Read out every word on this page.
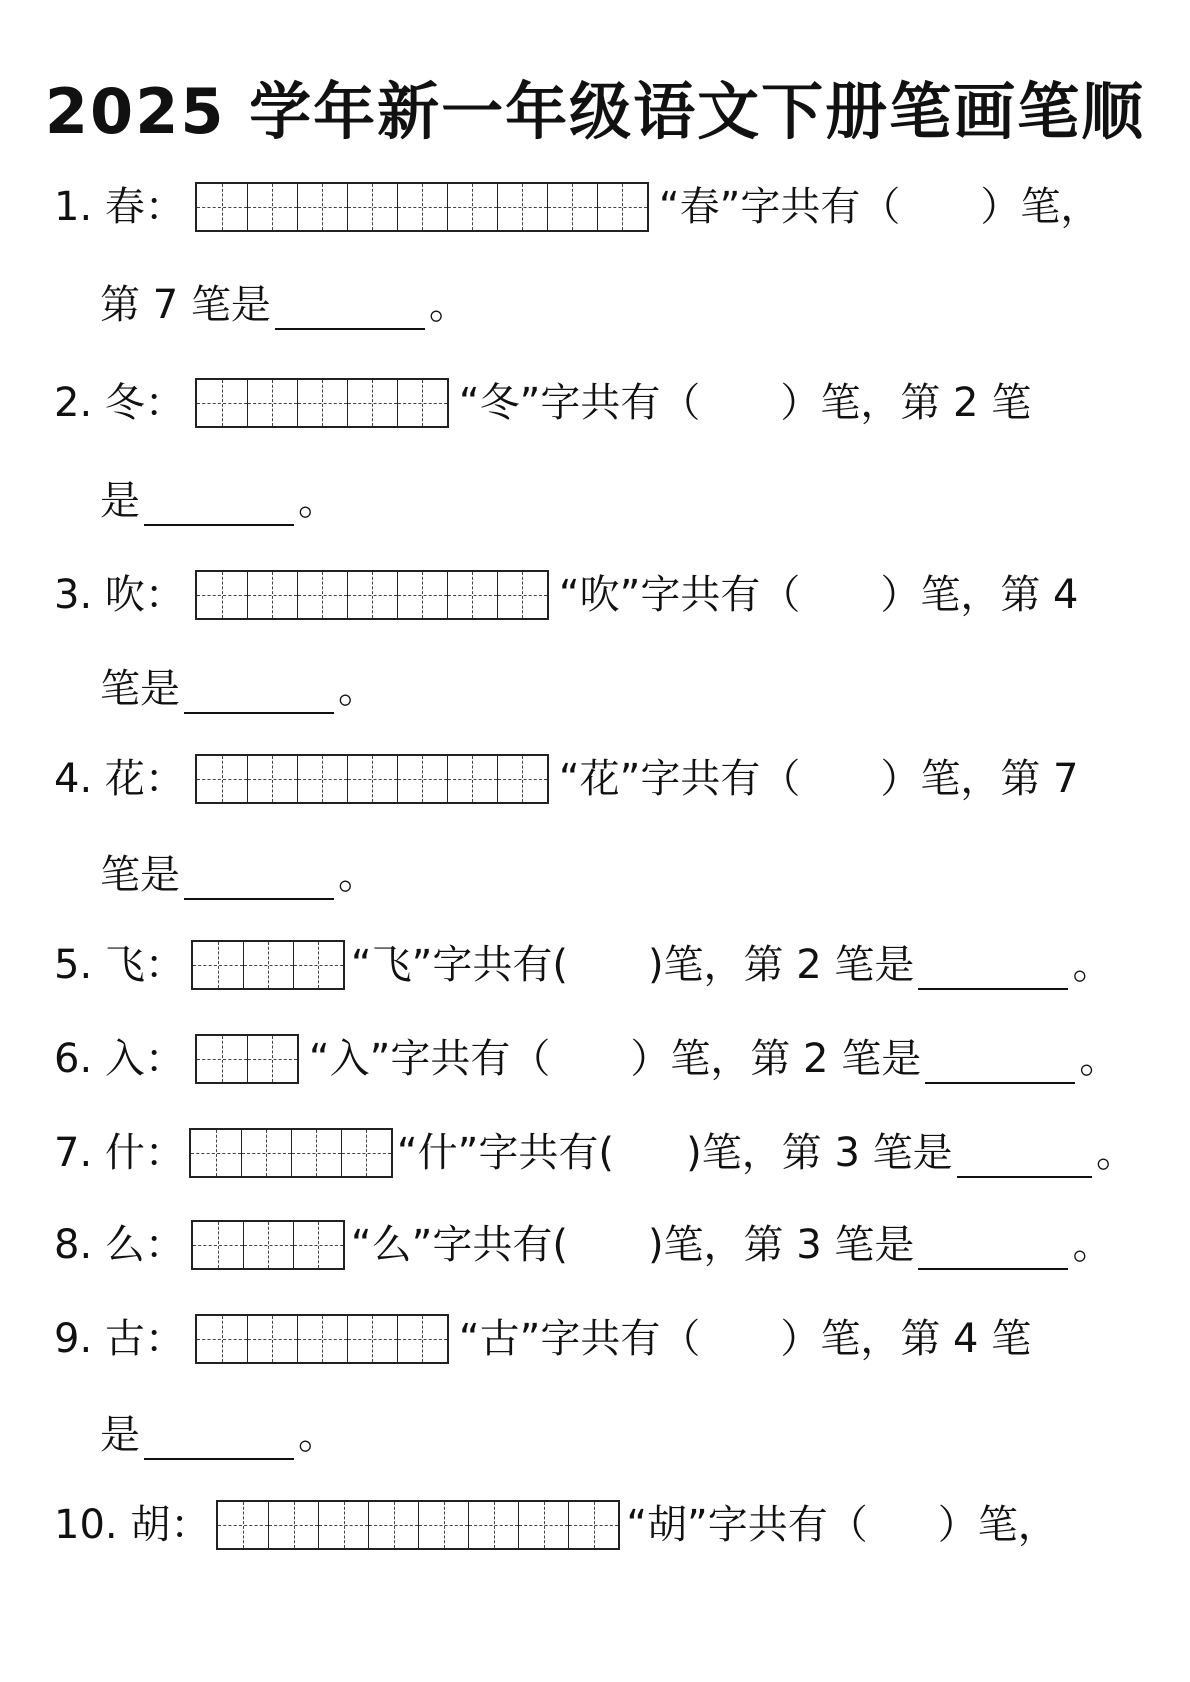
2025 学年新一年级语文下册笔画笔顺
1. 春：	“春”字共有（ ）笔，
第 7 笔是	。
2. 冬：	“冬”字共有（ ）笔，第 2 笔
是	。
3. 吹：	“吹”字共有（ ）笔，第 4
笔是	。
4. 花：	“花”字共有（ ）笔，第 7
笔是	。
5. 飞：	“飞”字共有( )笔，第 2 笔是	。
6. 入：	“入”字共有（ ）笔，第 2 笔是	。
7. 什：	“什”字共有( )笔，第 3 笔是	。
8. 么：	“么”字共有( )笔，第 3 笔是	。
9. 古：	“古”字共有（ ）笔，第 4 笔
是	。
10. 胡：	“胡”字共有（ ）笔，
